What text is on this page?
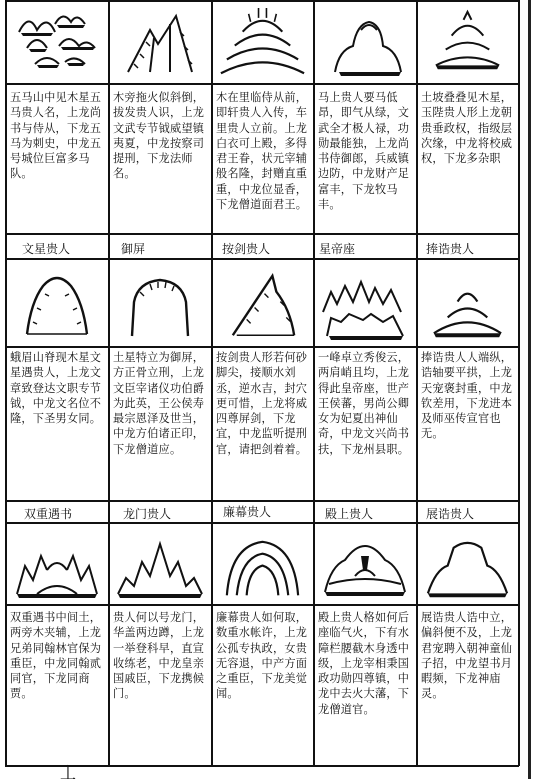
五马山中见木星五马贵人名，上龙尚书与侍从，下龙五马为刺史，中龙五号城位巨富多马队。
木旁拖火似斜倒，拔发贵人识，上龙文武专节钺威望镇夷夏，中龙按察司提刑，下龙法师名。
木在里临侍从前，即轩贵人入传，车里贵人立前。上龙白衣可上殿，多得君王眷，状元宰辅般名隆，封赠直重重，中龙位显香，下龙僧道面君王。
马上贵人要马低昂，即气从绿，文武全才极人禄，功勋最能独，上龙尚书侍御郎，兵威镇边防，中龙财产足富丰，下龙牧马丰。
土坡叠叠见木星，玉陛贵人形上龙朝贵垂政权，指级层次缘，中龙将校威权，下龙多杂职
文星贵人	御屏	按剑贵人	星帝座	捧诰贵人
蛾眉山脊现木星文星遇贵人，上龙文章致登达文职专节钺，中龙文名位不隆，下圣男女同。
土星特立为御屏，方正骨立刑，上龙文臣宰诸仪功伯爵为此英，王公侯寿最宗恩泽及世当，中龙方伯诸正印，下龙僧道应。
按剑贵人形若何砂脚尖，接顺水刘丞，逆水吉，封穴更可惜，上龙将威四尊屏剑，下龙宜，中龙监听提刑官，请把剑着着。
一峰卓立秀俊云，两肩峭且均，上龙得此皇帝座，世产王侯蕃，男尚公卿女为妃夏出神仙奇，中龙文兴尚书扶，下龙州县职。
捧诰贵人人端纵，诰轴要平拱，上龙天宠褒封重，中龙钦差用，下龙进本及师巫传宣官也无。
双重遇书	龙门贵人	廉幕贵人	殿上贵人	展诰贵人
双重遇书中间土，两旁木夹辅，上龙兄弟同翰林官保为重臣，中龙同翰贰同官，下龙同商贾。
贵人何以号龙门，华盖两边蹲，上龙一举登科早，直宣收练老，中龙皇亲国戚臣，下龙携候门。
廉幕贵人如何取，数重水帐许，上龙公孤专执政，女贵无容退，中产方面之重臣，下龙美觉闻。
殿上贵人格如何后座临气火，下有水障栏腰截木身透中级，上龙宰相秉国政功勋四尊镇，中龙中去火大藩，下龙僧道官。
展诰贵人诰中立，偏斜便不及，上龙君宠聘入朝神童仙子招，中龙望书月暇频，下龙神庙灵。
丄
